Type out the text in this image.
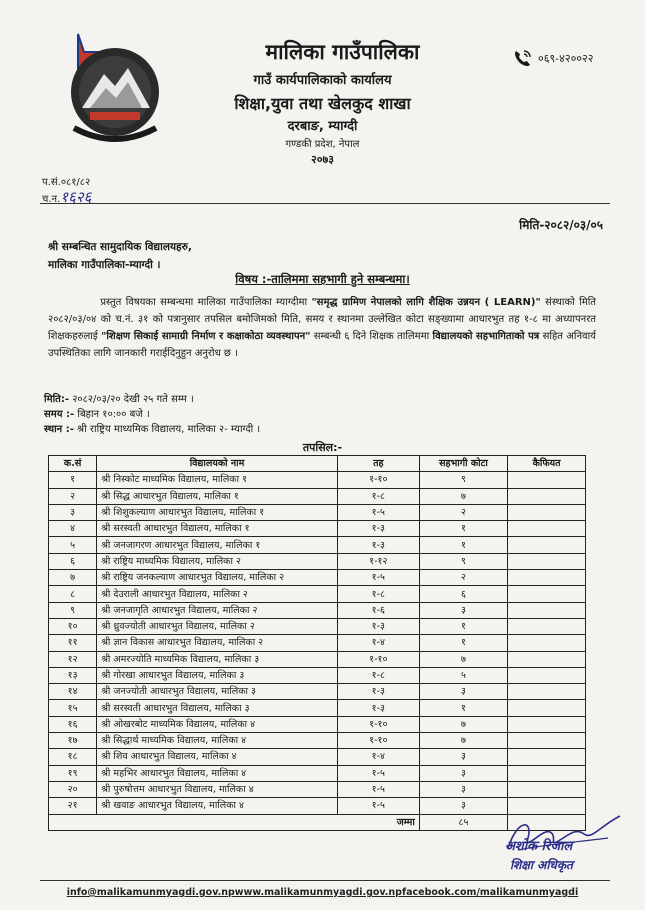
मालिका गाउँपालिका
गाउँ कार्यपालिकाको कार्यालय
शिक्षा,युवा तथा खेलकुद शाखा
दरबाङ, म्याग्दी
गण्डकी प्रदेश, नेपाल
२०७३
०६९-४२००२२
प.सं.०८१/८२
च.न.१६२६
मिति-२०८२/०३/०५
श्री सम्बन्धित सामुदायिक विद्यालयहरु,
मालिका गाउँपालिका-म्याग्दी ।
विषय :-तालिममा सहभागी हुने सम्बन्धमा।
प्रस्तुत विषयका सम्बन्धमा मालिका गाउँपालिका म्याग्दीमा "समृद्ध ग्रामिण नेपालको लागि शैक्षिक उन्नयन ( LEARN)" संस्थाको मिति २०८२/०३/०४ को च.नं. ३१ को पत्रानुसार तपसिल बमोजिमको मिति, समय र स्थानमा उल्लेखित कोटा सङ्ख्यामा आधारभुत तह १-८ मा अध्यापनरत शिक्षकहरुलाई "शिक्षण सिकाई सामाग्री निर्माण र कक्षाकोठा व्यवस्थापन" सम्बन्धी ६ दिने शिक्षक तालिममा विद्यालयको सहभागिताको पत्र सहित अनिवार्य उपस्थितिका लागि जानकारी गराईदिनुहुन अनुरोध छ ।
मिति:- २०८२/०३/२० देखी २५ गते सम्म ।
समय :- बिहान १०:०० बजे ।
स्थान :- श्री राष्ट्रिय माध्यमिक विद्यालय, मालिका २- म्याग्दी ।
तपसिल:-
क.सं	विद्यालयको नाम	तह	सहभागी कोटा	कैफियत
१	श्री निस्कोट माध्यमिक विद्यालय, मालिका १	१-१०	९	
२	श्री सिद्ध आधारभुत विद्यालय, मालिका १	१-८	७	
३	श्री शिशुकल्याण आधारभुत विद्यालय, मालिका १	१-५	२	
४	श्री सरस्वती आधारभुत विद्यालय, मालिका १	१-३	१	
५	श्री जनजागरण आधारभुत विद्यालय, मालिका १	१-३	१	
६	श्री राष्ट्रिय माध्यमिक विद्यालय, मालिका २	१-१२	९	
७	श्री राष्ट्रिय जनकल्याण आधारभुत विद्यालय, मालिका २	१-५	२	
८	श्री देउराली आधारभुत विद्यालय, मालिका २	१-८	६	
९	श्री जनजागृति आधारभुत विद्यालय, मालिका २	१-६	३	
१०	श्री ध्रुवज्योती आधारभुत विद्यालय, मालिका २	१-३	१	
११	श्री ज्ञान विकास आधारभुत विद्यालय, मालिका २	१-४	१	
१२	श्री अमरज्योति माध्यमिक विद्यालय, मालिका ३	१-१०	७	
१३	श्री गोरखा आधारभुत विद्यालय, मालिका ३	१-८	५	
१४	श्री जनज्योती आधारभुत विद्यालय, मालिका ३	१-३	३	
१५	श्री सरस्वती आधारभुत विद्यालय, मालिका ३	१-३	१	
१६	श्री ओखरबोट माध्यमिक विद्यालय, मालिका ४	१-१०	७	
१७	श्री सिद्धार्थ माध्यमिक विद्यालय, मालिका ४	१-१०	७	
१८	श्री शिव आधारभुत विद्यालय, मालिका ४	१-४	३	
१९	श्री महभिर आधारभुत विद्यालय, मालिका ४	१-५	३	
२०	श्री पुरुषोत्तम आधारभुत विद्यालय, मालिका ४	१-५	३	
२१	श्री खवाङ आधारभुत विद्यालय, मालिका ४	१-५	३	
जम्मा			८५	
अशोक रिजाल
शिक्षा अधिकृत
info@malikamunmyagdi.gov.npwww.malikamunmyagdi.gov.npfacebook.com/malikamunmyagdi
